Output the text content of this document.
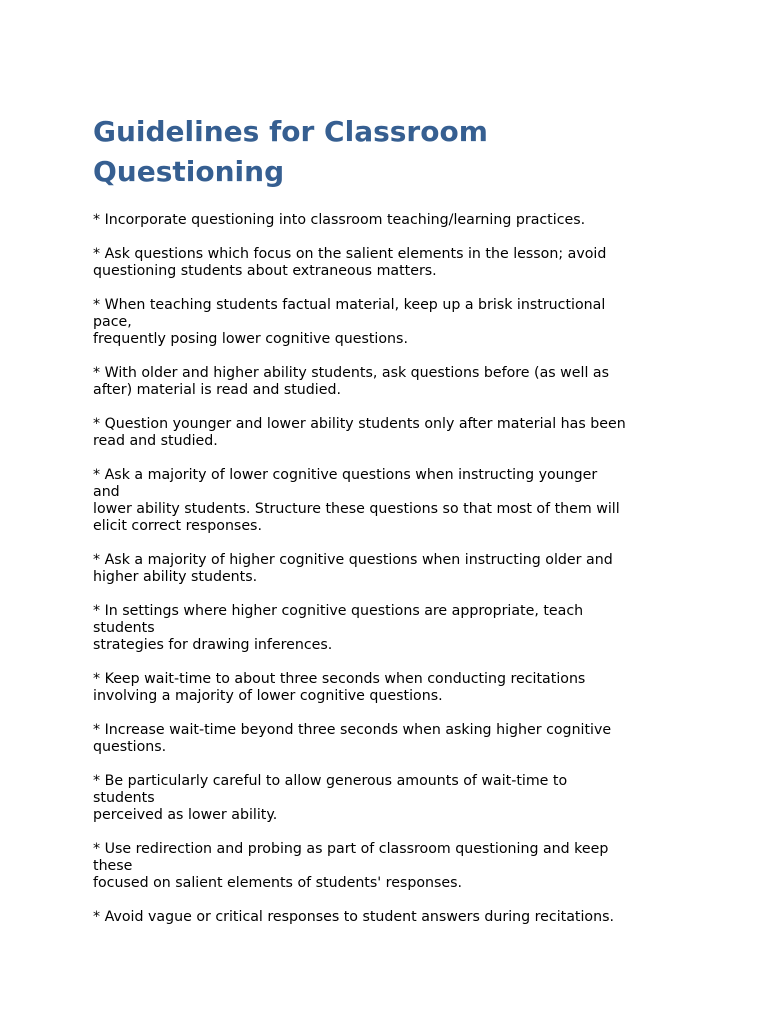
Guidelines for Classroom
Questioning
* Incorporate questioning into classroom teaching/learning practices.
* Ask questions which focus on the salient elements in the lesson; avoid
questioning students about extraneous matters.
* When teaching students factual material, keep up a brisk instructional
pace,
frequently posing lower cognitive questions.
* With older and higher ability students, ask questions before (as well as
after) material is read and studied.
* Question younger and lower ability students only after material has been
read and studied.
* Ask a majority of lower cognitive questions when instructing younger
and
lower ability students. Structure these questions so that most of them will
elicit correct responses.
* Ask a majority of higher cognitive questions when instructing older and
higher ability students.
* In settings where higher cognitive questions are appropriate, teach
students
strategies for drawing inferences.
* Keep wait-time to about three seconds when conducting recitations
involving a majority of lower cognitive questions.
* Increase wait-time beyond three seconds when asking higher cognitive
questions.
* Be particularly careful to allow generous amounts of wait-time to
students
perceived as lower ability.
* Use redirection and probing as part of classroom questioning and keep
these
focused on salient elements of students' responses.
* Avoid vague or critical responses to student answers during recitations.
